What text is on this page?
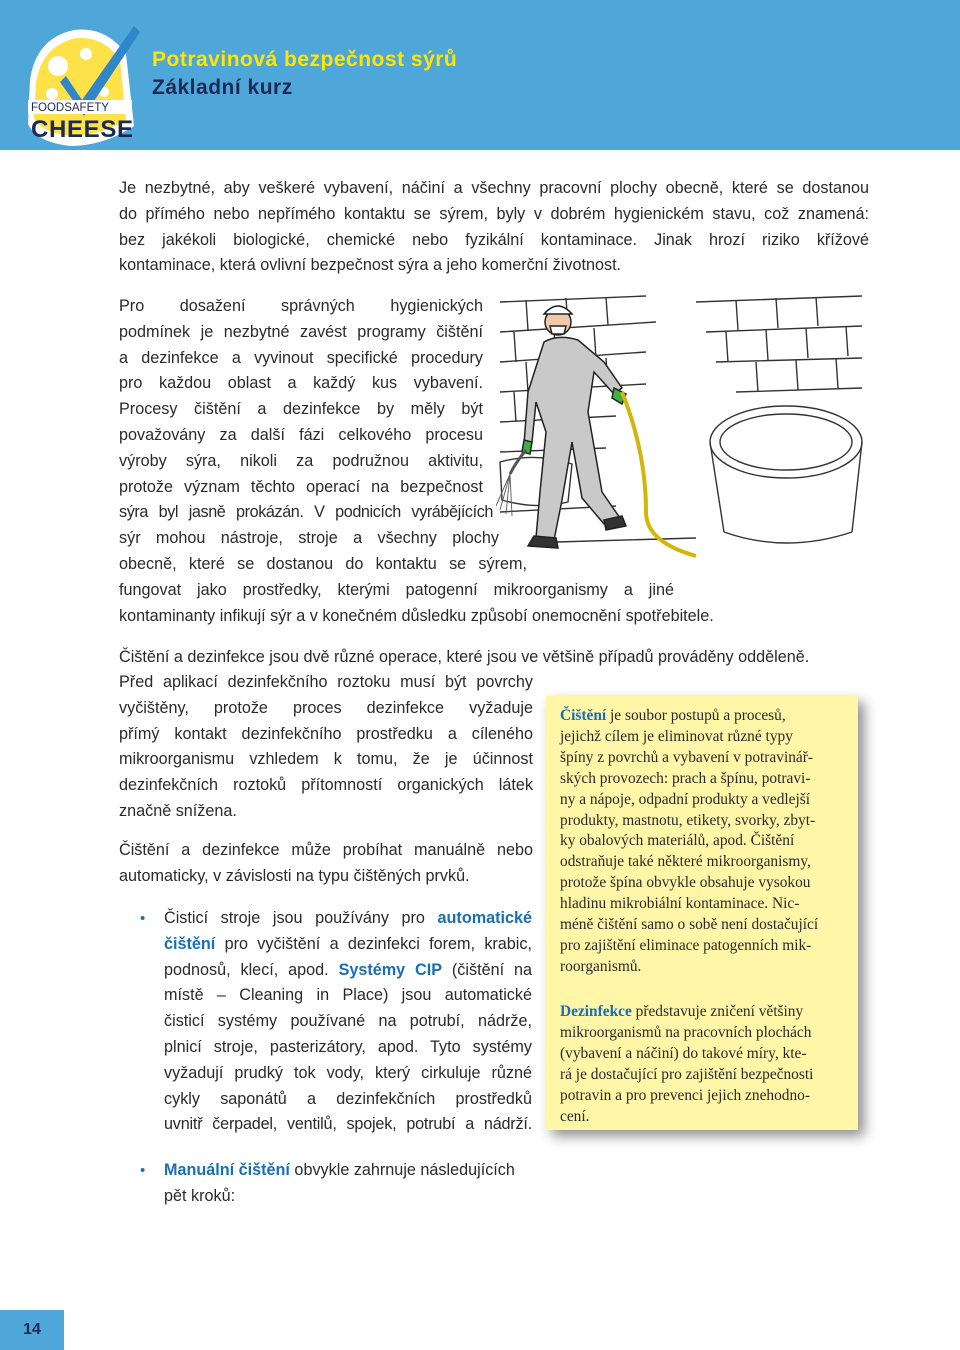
FOODSAFETY
CHEESE
Potravinová bezpečnost sýrů
Základní kurz
Je nezbytné, aby veškeré vybavení, náčiní a všechny pracovní plochy obecně, které se dostanou
do přímého nebo nepřímého kontaktu se sýrem, byly v dobrém hygienickém stavu, což znamená:
bez jakékoli biologické, chemické nebo fyzikální kontaminace. Jinak hrozí riziko křížové
kontaminace, která ovlivní bezpečnost sýra a jeho komerční životnost.
Pro dosažení správných hygienických
podmínek je nezbytné zavést programy čištění
a dezinfekce a vyvinout specifické procedury
pro každou oblast a každý kus vybavení.
Procesy čištění a dezinfekce by měly být
považovány za další fázi celkového procesu
výroby sýra, nikoli za podružnou aktivitu,
protože význam těchto operací na bezpečnost
sýra byl jasně prokázán. V podnicích vyrábějících
sýr mohou nástroje, stroje a všechny plochy
obecně, které se dostanou do kontaktu se sýrem,
fungovat jako prostředky, kterými patogenní mikroorganismy a jiné
kontaminanty infikují sýr a v konečném důsledku způsobí onemocnění spotřebitele.
Čištění a dezinfekce jsou dvě různé operace, které jsou ve většině případů prováděny odděleně.
Před aplikací dezinfekčního roztoku musí být povrchy
vyčištěny, protože proces dezinfekce vyžaduje
přímý kontakt dezinfekčního prostředku a cíleného
mikroorganismu vzhledem k tomu, že je účinnost
dezinfekčních roztoků přítomností organických látek
značně snížena.
Čištění a dezinfekce může probíhat manuálně nebo
automaticky, v závislosti na typu čištěných prvků.
• Čisticí stroje jsou používány pro automatické
čištění pro vyčištění a dezinfekci forem, krabic,
podnosů, klecí, apod. Systémy CIP (čištění na
místě – Cleaning in Place) jsou automatické
čisticí systémy používané na potrubí, nádrže,
plnicí stroje, pasterizátory, apod. Tyto systémy
vyžadují prudký tok vody, který cirkuluje různé
cykly saponátů a dezinfekčních prostředků
uvnitř čerpadel, ventilů, spojek, potrubí a nádrží.
• Manuální čištění obvykle zahrnuje následujících
pět kroků:
Čištění je soubor postupů a procesů,
jejichž cílem je eliminovat různé typy
špíny z povrchů a vybavení v potravinář-
ských provozech: prach a špínu, potravi-
ny a nápoje, odpadní produkty a vedlejší
produkty, mastnotu, etikety, svorky, zbyt-
ky obalových materiálů, apod. Čištění
odstraňuje také některé mikroorganismy,
protože špína obvykle obsahuje vysokou
hladinu mikrobiální kontaminace. Nic-
méně čištění samo o sobě není dostačující
pro zajištění eliminace patogenních mik-
roorganismů.
Dezinfekce představuje zničení většiny
mikroorganismů na pracovních plochách
(vybavení a náčiní) do takové míry, kte-
rá je dostačující pro zajištění bezpečnosti
potravin a pro prevenci jejich znehodno-
cení.
14
